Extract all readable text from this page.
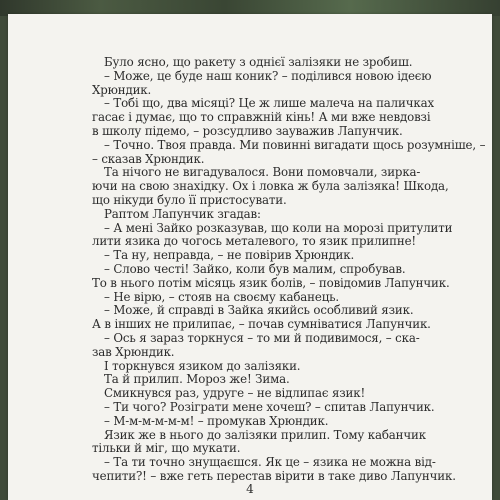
Було ясно, що ракету з однієї залізяки не зробиш.
– Може, це буде наш коник? – поділився новою ідеєю
Хрюндик.
– Тобі що, два місяці? Це ж лише малеча на паличках
гасає і думає, що то справжній кінь! А ми вже невдовзі
в школу підемо, – розсудливо зауважив Лапунчик.
– Точно. Твоя правда. Ми повинні вигадати щось розумніше, –
– сказав Хрюндик.
Та нічого не вигадувалося. Вони помовчали, зирка-
ючи на свою знахідку. Ох і ловка ж була залізяка! Шкода,
що нікуди було її пристосувати.
Раптом Лапунчик згадав:
– А мені Зайко розказував, що коли на морозі притулити
лити язика до чогось металевого, то язик прилипне!
– Та ну, неправда, – не повірив Хрюндик.
– Слово честі! Зайко, коли був малим, спробував.
То в нього потім місяць язик болів, – повідомив Лапунчик.
– Не вірю, – стояв на своєму кабанець.
– Може, й справді в Зайка якийсь особливий язик.
А в інших не прилипає, – почав сумніватися Лапунчик.
– Ось я зараз торкнуся – то ми й подивимося, – ска-
зав Хрюндик.
І торкнувся язиком до залізяки.
Та й прилип. Мороз же! Зима.
Смикнувся раз, удруге – не відлипає язик!
– Ти чого? Розіграти мене хочеш? – спитав Лапунчик.
– М-м-м-м-м-м! – промукав Хрюндик.
Язик же в нього до залізяки прилип. Тому кабанчик
тільки й міг, що мукати.
– Та ти точно знущаєшся. Як це – язика не можна від-
чепити?! – вже геть перестав вірити в таке диво Лапунчик.
4
